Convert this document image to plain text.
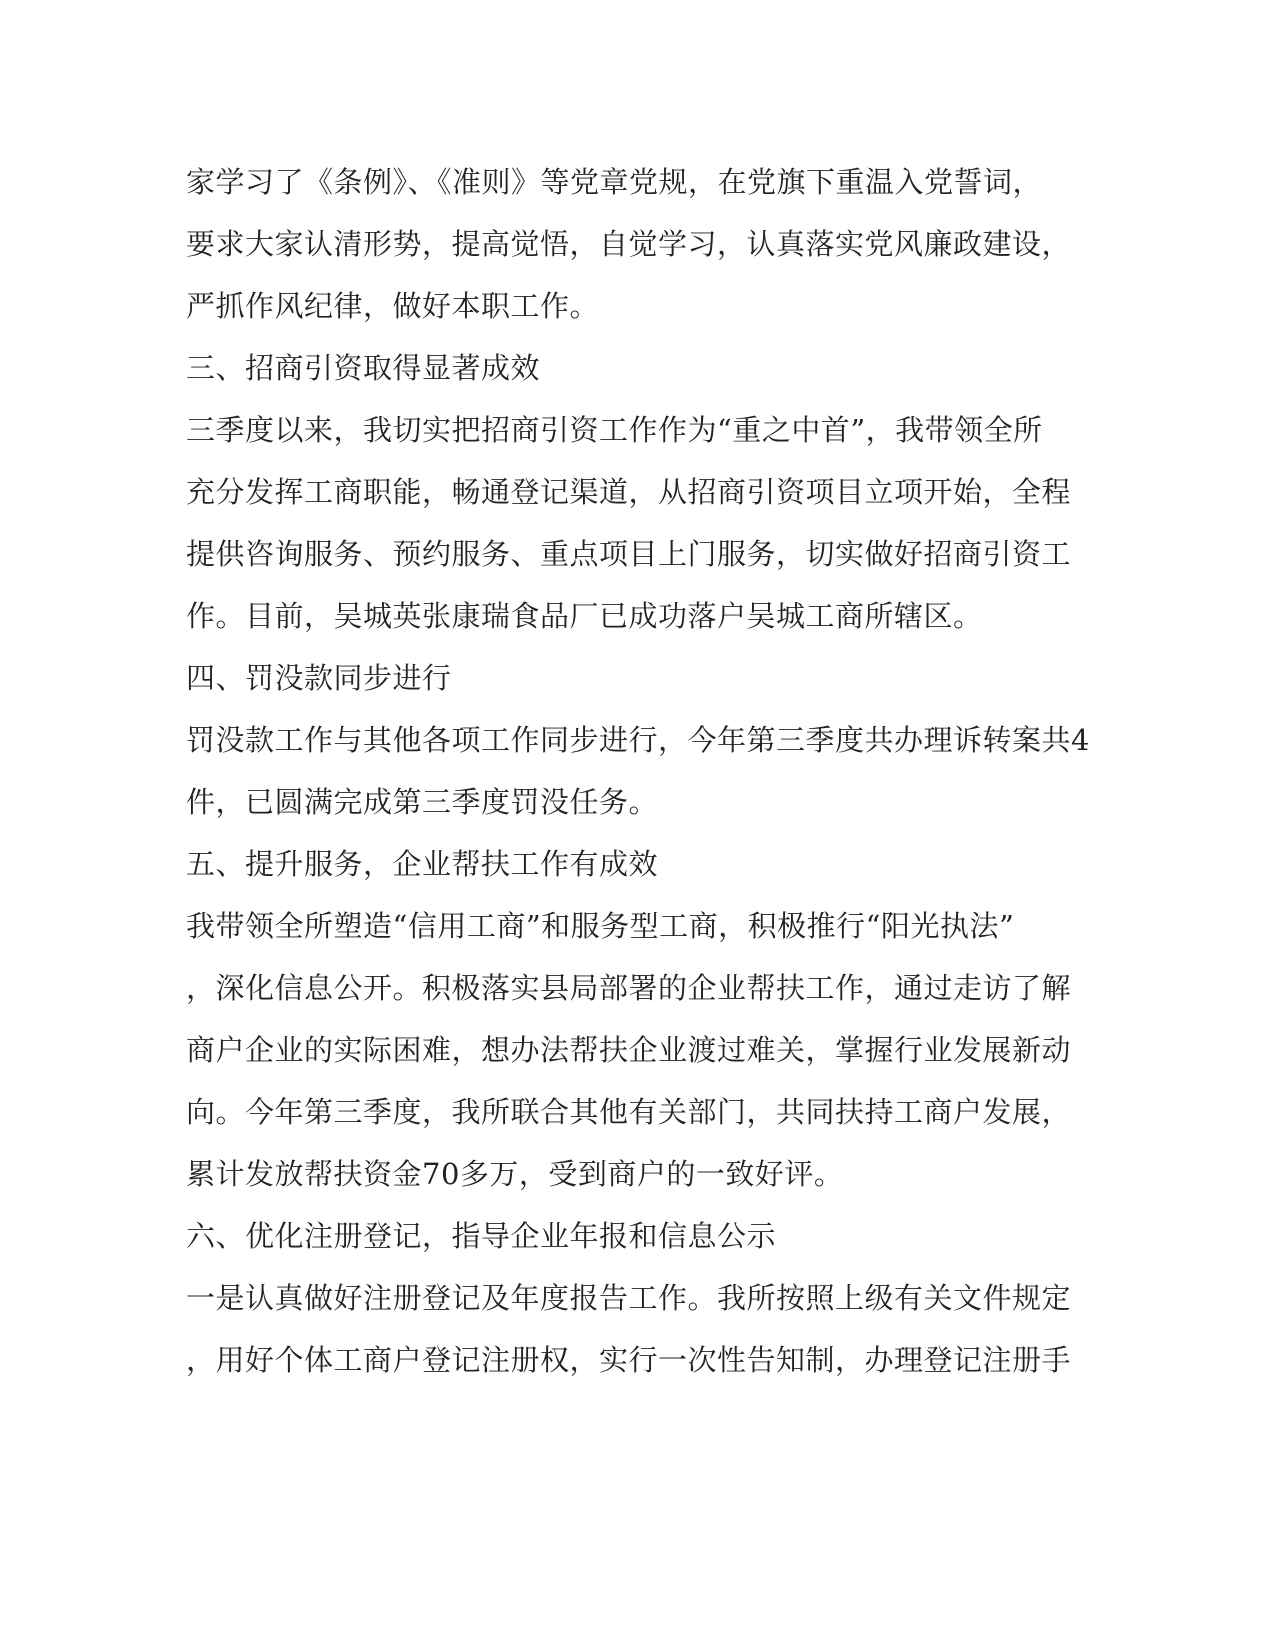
家学习了《条例》、《准则》等党章党规，在党旗下重温入党誓词，
要求大家认清形势，提高觉悟，自觉学习，认真落实党风廉政建设，
严抓作风纪律，做好本职工作。
三、招商引资取得显著成效
三季度以来，我切实把招商引资工作作为“重之中首”，我带领全所
充分发挥工商职能，畅通登记渠道，从招商引资项目立项开始，全程
提供咨询服务、预约服务、重点项目上门服务，切实做好招商引资工
作。目前，吴城英张康瑞食品厂已成功落户吴城工商所辖区。
四、罚没款同步进行
罚没款工作与其他各项工作同步进行，今年第三季度共办理诉转案共4
件，已圆满完成第三季度罚没任务。
五、提升服务，企业帮扶工作有成效
我带领全所塑造“信用工商”和服务型工商，积极推行“阳光执法”
，深化信息公开。积极落实县局部署的企业帮扶工作，通过走访了解
商户企业的实际困难，想办法帮扶企业渡过难关，掌握行业发展新动
向。今年第三季度，我所联合其他有关部门，共同扶持工商户发展，
累计发放帮扶资金70多万，受到商户的一致好评。
六、优化注册登记，指导企业年报和信息公示
一是认真做好注册登记及年度报告工作。我所按照上级有关文件规定
，用好个体工商户登记注册权，实行一次性告知制，办理登记注册手
